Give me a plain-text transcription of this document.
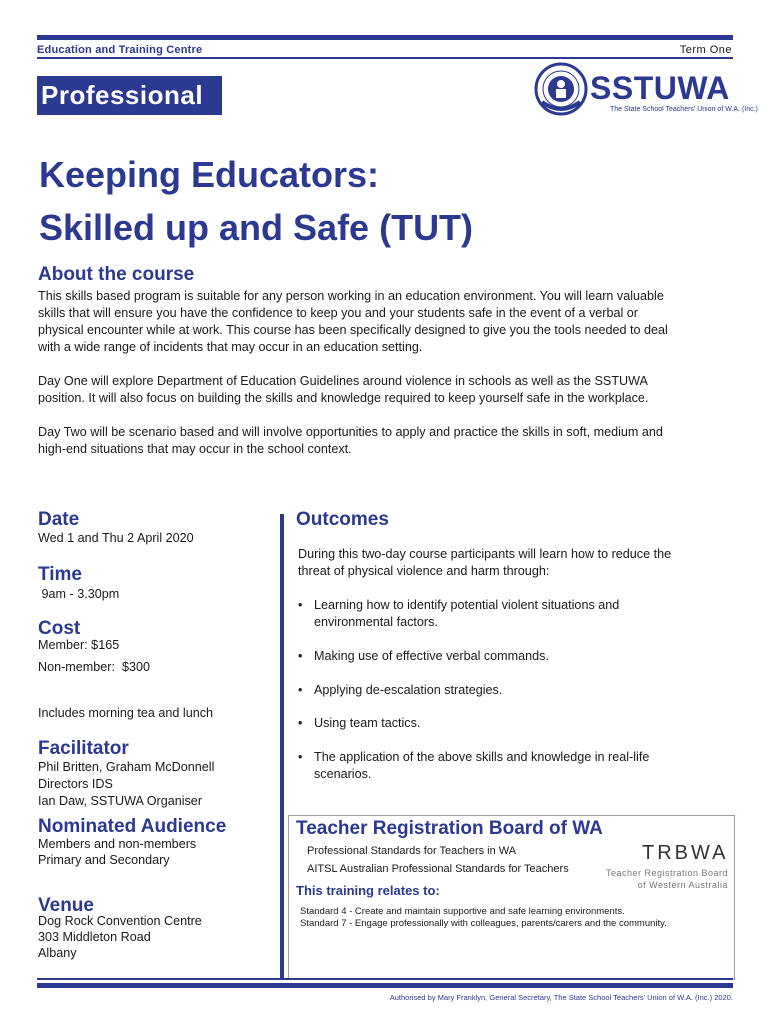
Education and Training Centre	Term One
Professional	SSTUWA
The State School Teachers' Union of W.A. (Inc.)
Keeping Educators:
Skilled up and Safe (TUT)
About the course
This skills based program is suitable for any person working in an education environment. You will learn valuable
skills that will ensure you have the confidence to keep you and your students safe in the event of a verbal or
physical encounter while at work. This course has been specifically designed to give you the tools needed to deal
with a wide range of incidents that may occur in an education setting.
Day One will explore Department of Education Guidelines around violence in schools as well as the SSTUWA
position. It will also focus on building the skills and knowledge required to keep yourself safe in the workplace.
Day Two will be scenario based and will involve opportunities to apply and practice the skills in soft, medium and
high-end situations that may occur in the school context.
Date
Wed 1 and Thu 2 April 2020
Time
9am - 3.30pm
Cost
Member: $165
Non-member:  $300
Includes morning tea and lunch
Facilitator
Phil Britten, Graham McDonnell
Directors IDS
Ian Daw, SSTUWA Organiser
Nominated Audience
Members and non-members
Primary and Secondary
Venue
Dog Rock Convention Centre
303 Middleton Road
Albany
Outcomes
During this two-day course participants will learn how to reduce the
threat of physical violence and harm through:
• Learning how to identify potential violent situations and
environmental factors.
• Making use of effective verbal commands.
• Applying de-escalation strategies.
• Using team tactics.
• The application of the above skills and knowledge in real-life
scenarios.
Teacher Registration Board of WA
Professional Standards for Teachers in WA
AITSL Australian Professional Standards for Teachers
TRBWA
Teacher Registration Board
of Western Australia
This training relates to:
Standard 4 - Create and maintain supportive and safe learning environments.
Standard 7 - Engage professionally with colleagues, parents/carers and the community.
Authorised by Mary Franklyn, General Secretary, The State School Teachers' Union of W.A. (Inc.) 2020.
